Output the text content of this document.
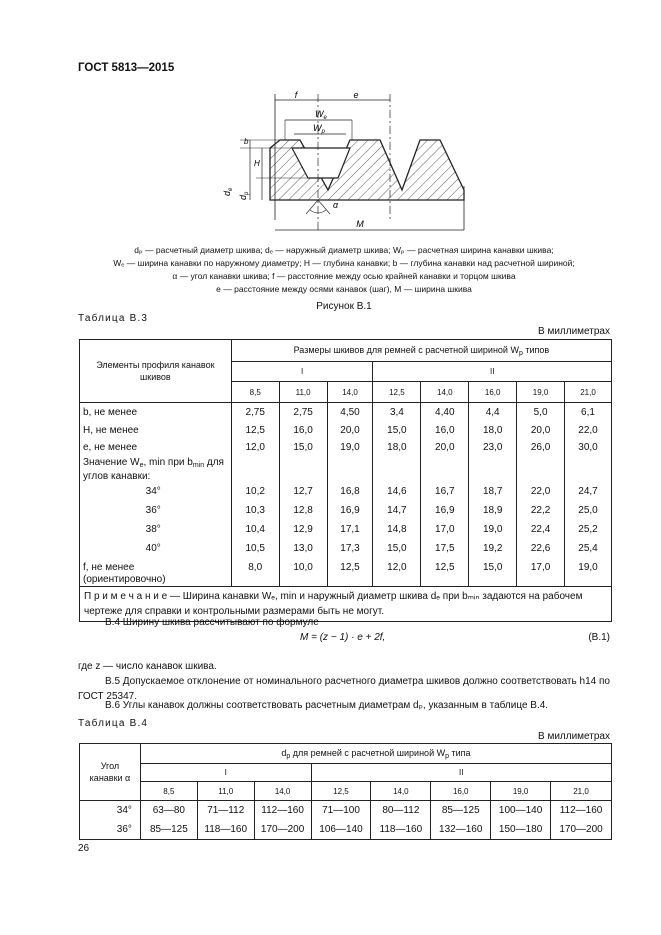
ГОСТ 5813—2015
f	e
$W_e$
$W_p$
b
H
$d_e$
$d_p$
α
M
dₚ — расчетный диаметр шкива; dₑ — наружный диаметр шкива; Wₚ — расчетная ширина канавки шкива;
Wₑ — ширина канавки по наружному диаметру; H — глубина канавки; b — глубина канавки над расчетной шириной;
α — угол канавки шкива; f — расстояние между осью крайней канавки и торцом шкива
e — расстояние между осями канавок (шаг), M — ширина шкива
Рисунок В.1
Таблица В.3
В миллиметрах
Элементы профиля канавок шкивов	Размеры шкивов для ремней с расчетной шириной $W_p$ типов							
	I			II				
	8,5	11,0	14,0	12,5	14,0	16,0	19,0	21,0
b, не менее	2,75	2,75	4,50	3,4	4,40	4,4	5,0	6,1
H, не менее	12,5	16,0	20,0	15,0	16,0	18,0	20,0	22,0
e, не менее	12,0	15,0	19,0	18,0	20,0	23,0	26,0	30,0
Значение $W_e$, min при $b_{min}$ для
углов канавки:								
34°	10,2	12,7	16,8	14,6	16,7	18,7	22,0	24,7
36°	10,3	12,8	16,9	14,7	16,9	18,9	22,2	25,0
38°	10,4	12,9	17,1	14,8	17,0	19,0	22,4	25,2
40°	10,5	13,0	17,3	15,0	17,5	19,2	22,6	25,4
f, не менее
(ориентировочно)	8,0	10,0	12,5	12,0	12,5	15,0	17,0	19,0
П р и м е ч а н и е — Ширина канавки Wₑ, min и наружный диаметр шкива dₑ при bₘᵢₙ задаются на рабочем чертеже для справки и контрольными размерами быть не могут.								
В.4 Ширину шкива рассчитывают по формуле
M = (z − 1) · e + 2f,	(В.1)
где z — число канавок шкива.
В.5 Допускаемое отклонение от номинального расчетного диаметра шкивов должно соответствовать h14 по ГОСТ 25347.
В.6 Углы канавок должны соответствовать расчетным диаметрам dₚ, указанным в таблице В.4.
Таблица В.4
В миллиметрах
Угол
канавки α	$d_p$ для ремней с расчетной шириной $W_p$ типа							
	I			II				
	8,5	11,0	14,0	12,5	14,0	16,0	19,0	21,0
34°	63—80	71—112	112—160	71—100	80—112	85—125	100—140	112—160
36°	85—125	118—160	170—200	106—140	118—160	132—160	150—180	170—200
26
